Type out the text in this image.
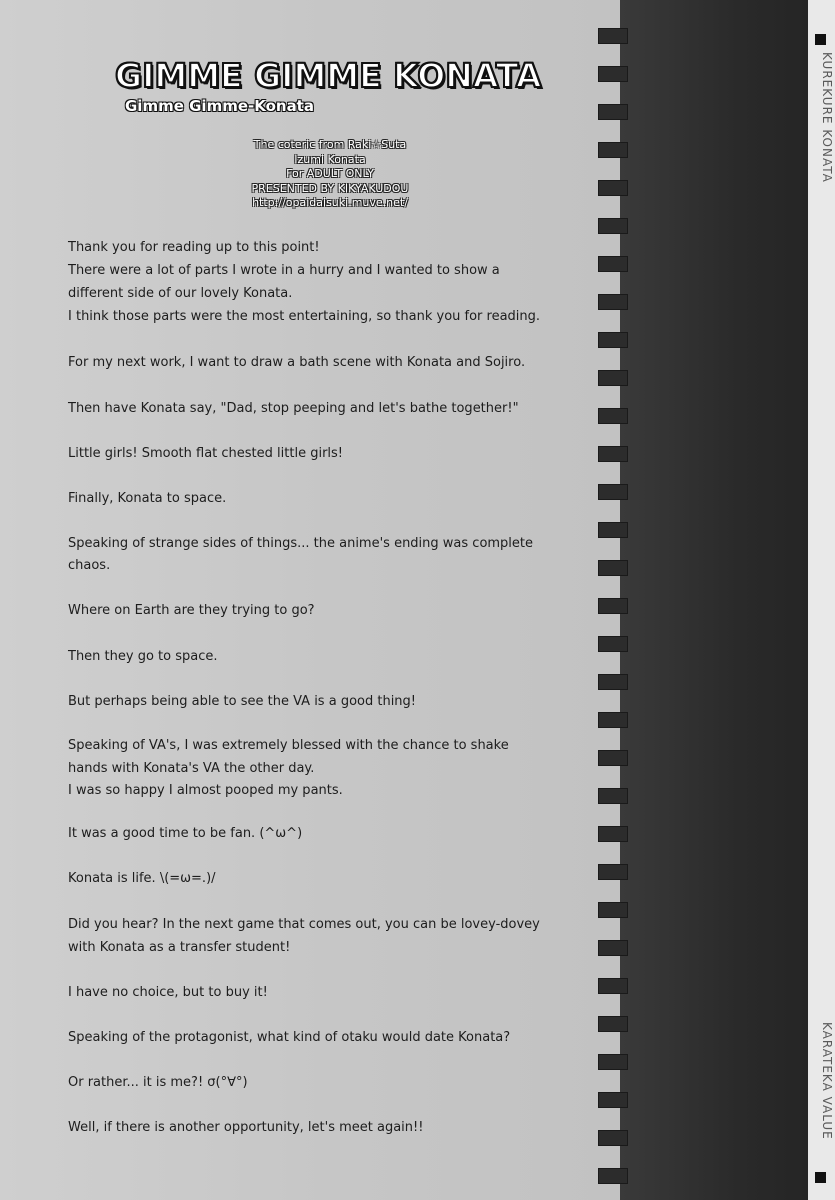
KUREKURE KONATA
KARATEKA VALUE
GIMME GIMME KONATA
Gimme Gimme-Konata
The coteric from Raki☆Suta
Izumi Konata
For ADULT ONLY
PRESENTED BY KIKYAKUDOU
http://opaidaisuki.muve.net/
Thank you for reading up to this point!
There were a lot of parts I wrote in a hurry and I wanted to show a
different side of our lovely Konata.
I think those parts were the most entertaining, so thank you for reading.
For my next work, I want to draw a bath scene with Konata and Sojiro.
Then have Konata say, "Dad, stop peeping and let's bathe together!"
Little girls! Smooth flat chested little girls!
Finally, Konata to space.
Speaking of strange sides of things... the anime's ending was complete
chaos.
Where on Earth are they trying to go?
Then they go to space.
But perhaps being able to see the VA is a good thing!
Speaking of VA's, I was extremely blessed with the chance to shake
hands with Konata's VA the other day.
I was so happy I almost pooped my pants.
It was a good time to be fan. (^ω^)
Konata is life. \(=ω=.)/
Did you hear? In the next game that comes out, you can be lovey-dovey
with Konata as a transfer student!
I have no choice, but to buy it!
Speaking of the protagonist, what kind of otaku would date Konata?
Or rather... it is me?! σ(°∀°)
Well, if there is another opportunity, let's meet again!!
